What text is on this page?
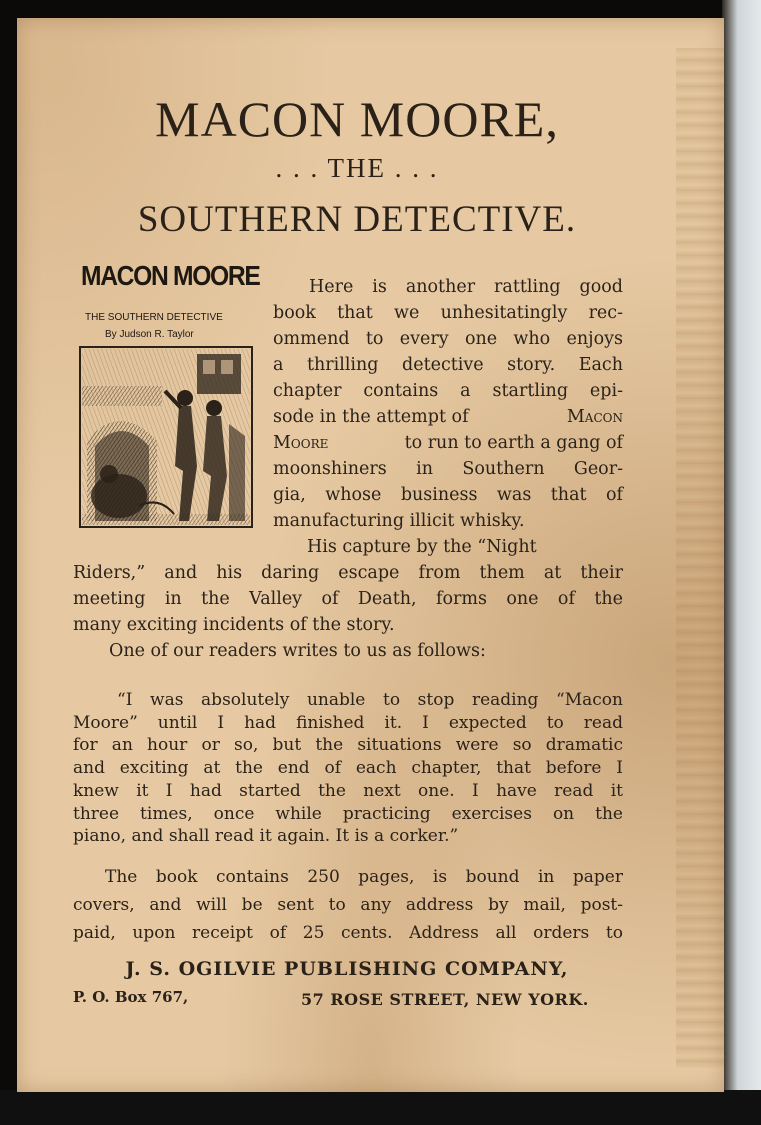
MACON MOORE,
. . . THE . . .
SOUTHERN DETECTIVE.
MACON MOORE
THE SOUTHERN DETECTIVE
By Judson R. Taylor
Here is another rattling good
book that we unhesitatingly rec-
ommend to every one who enjoys
a thrilling detective story. Each
chapter contains a startling epi-
sode in the attempt of	Macon
Moore	to run to earth a gang of
moonshiners in Southern Geor-
gia, whose business was that of
manufacturing illicit whisky.
His capture by the “Night
Riders,” and his daring escape from them at their
meeting in the Valley of Death, forms one of the
many exciting incidents of the story.
One of our readers writes to us as follows:
“I was absolutely unable to stop reading “Macon
Moore” until I had finished it. I expected to read
for an hour or so, but the situations were so dramatic
and exciting at the end of each chapter, that before I
knew it I had started the next one. I have read it
three times, once while practicing exercises on the
piano, and shall read it again. It is a corker.”
The book contains 250 pages, is bound in paper
covers, and will be sent to any address by mail, post-
paid, upon receipt of 25 cents. Address all orders to
J. S. OGILVIE PUBLISHING COMPANY,
P. O. Box 767,	57 ROSE STREET, NEW YORK.
